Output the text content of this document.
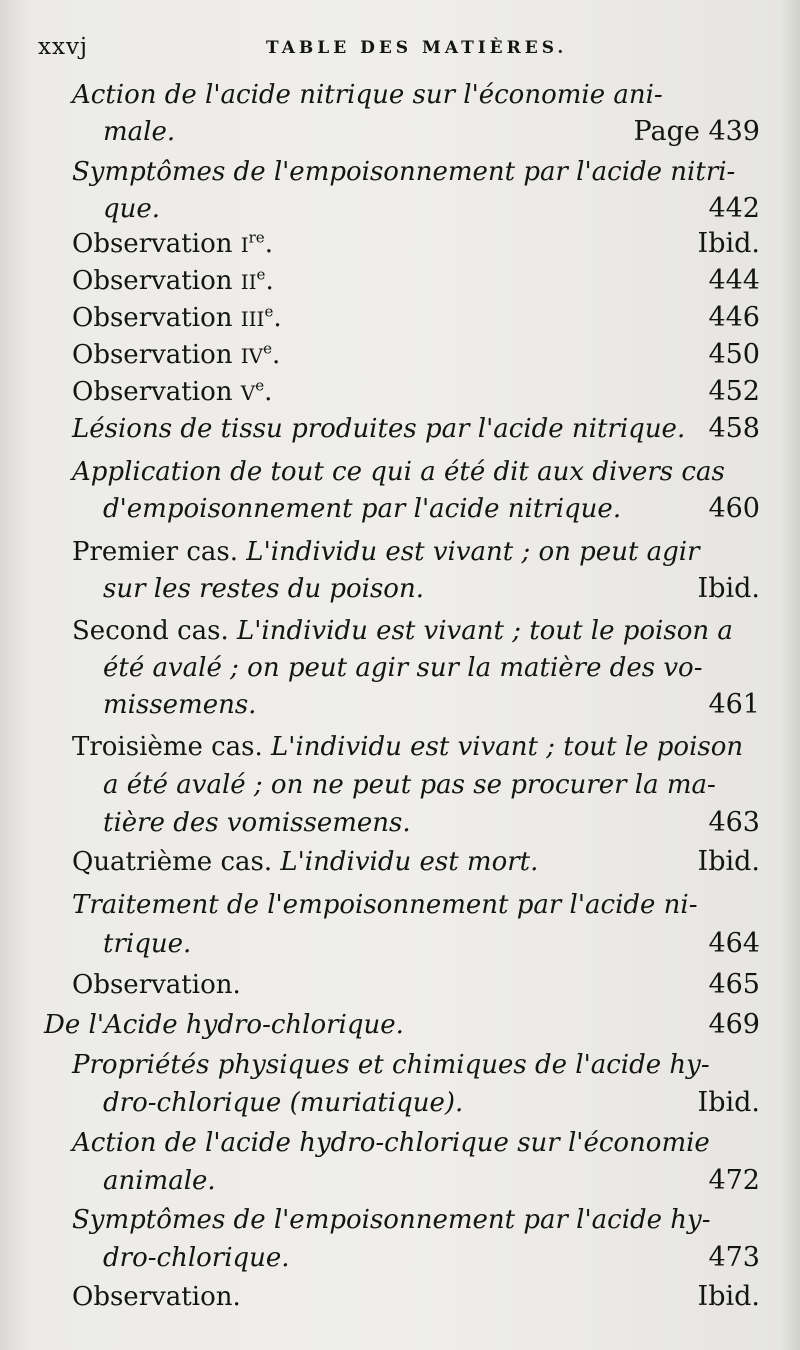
xxvj	TABLE DES MATIÈRES.
Action de l'acide nitrique sur l'économie ani-
male.	Page 439
Symptômes de l'empoisonnement par l'acide nitri-
que.	442
Observation Ire.	Ibid.
Observation IIe.	444
Observation IIIe.	446
Observation IVe.	450
Observation Ve.	452
Lésions de tissu produites par l'acide nitrique. 458
Application de tout ce qui a été dit aux divers cas
d'empoisonnement par l'acide nitrique.	460
Premier cas. L'individu est vivant ; on peut agir
sur les restes du poison.	Ibid.
Second cas. L'individu est vivant ; tout le poison a
été avalé ; on peut agir sur la matière des vo-
missemens.	461
Troisième cas. L'individu est vivant ; tout le poison
a été avalé ; on ne peut pas se procurer la ma-
tière des vomissemens.	463
Quatrième cas. L'individu est mort.	Ibid.
Traitement de l'empoisonnement par l'acide ni-
trique.	464
Observation.	465
De l'Acide hydro-chlorique.	469
Propriétés physiques et chimiques de l'acide hy-
dro-chlorique (muriatique).	Ibid.
Action de l'acide hydro-chlorique sur l'économie
animale.	472
Symptômes de l'empoisonnement par l'acide hy-
dro-chlorique.	473
Observation.	Ibid.
